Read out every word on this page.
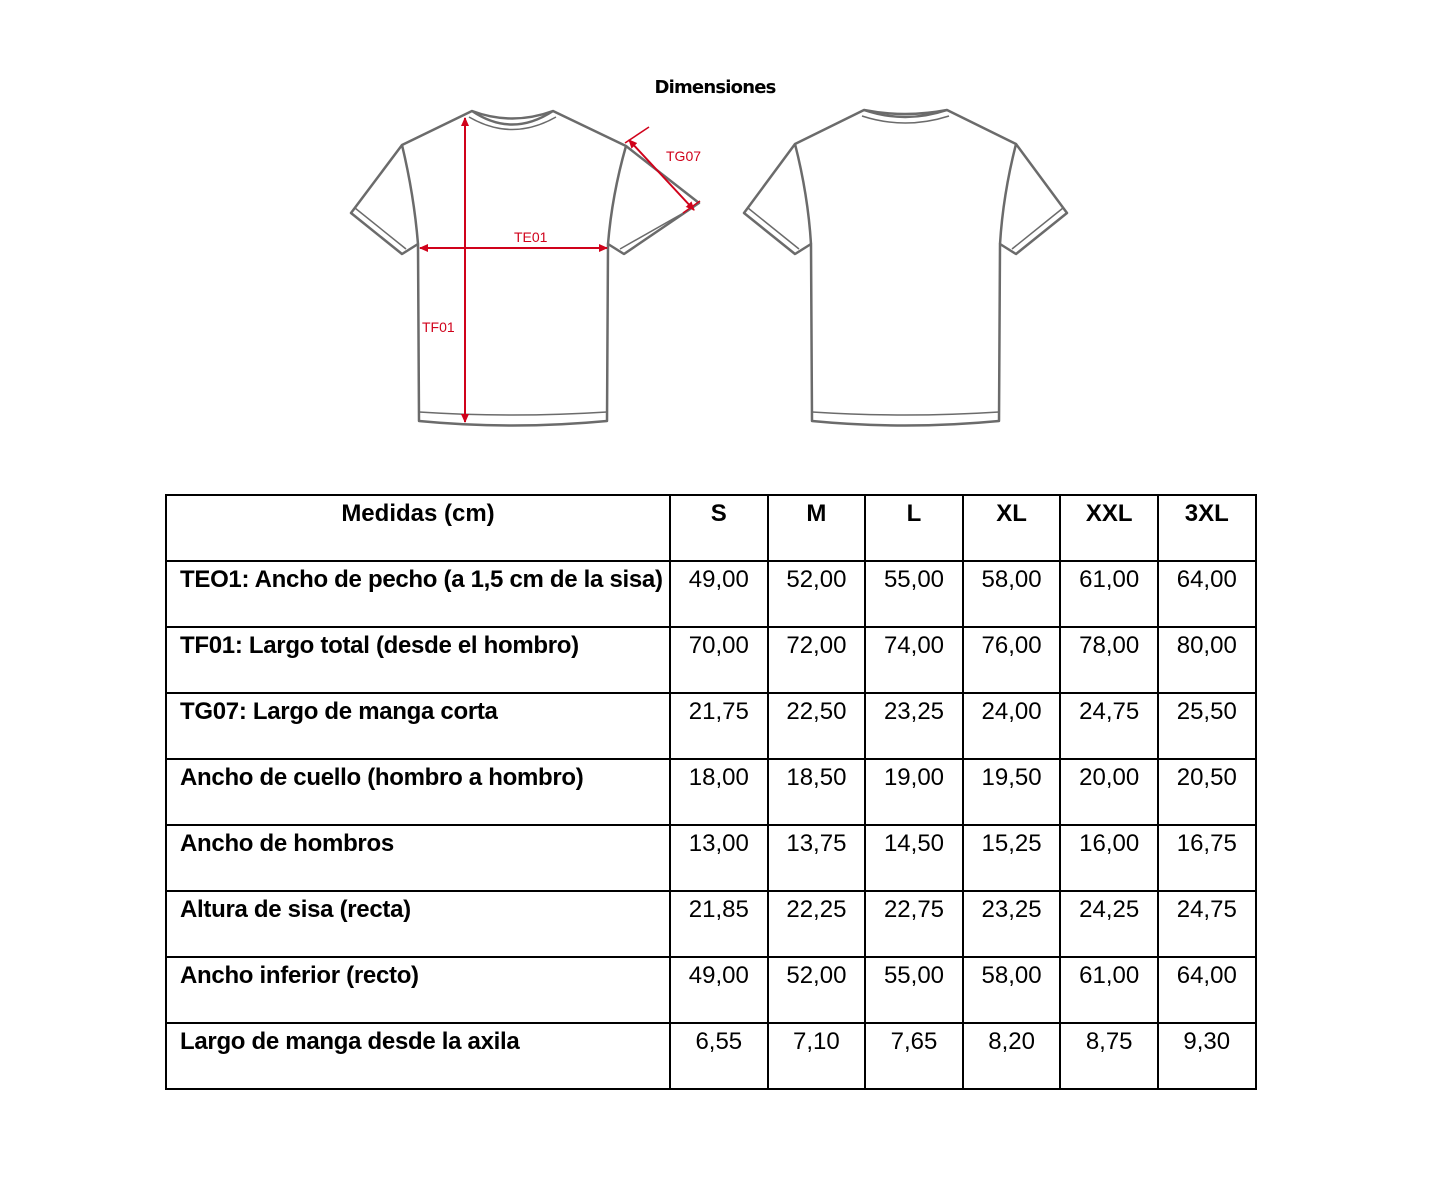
Dimensiones
TE01
TF01
TG07
Medidas (cm)	S	M	L	XL	XXL	3XL
TEO1: Ancho de pecho (a 1,5 cm de la sisa)	49,00	52,00	55,00	58,00	61,00	64,00
TF01: Largo total (desde el hombro)	70,00	72,00	74,00	76,00	78,00	80,00
TG07: Largo de manga corta	21,75	22,50	23,25	24,00	24,75	25,50
Ancho de cuello (hombro a hombro)	18,00	18,50	19,00	19,50	20,00	20,50
Ancho de hombros	13,00	13,75	14,50	15,25	16,00	16,75
Altura de sisa (recta)	21,85	22,25	22,75	23,25	24,25	24,75
Ancho inferior (recto)	49,00	52,00	55,00	58,00	61,00	64,00
Largo de manga desde la axila	6,55	7,10	7,65	8,20	8,75	9,30
